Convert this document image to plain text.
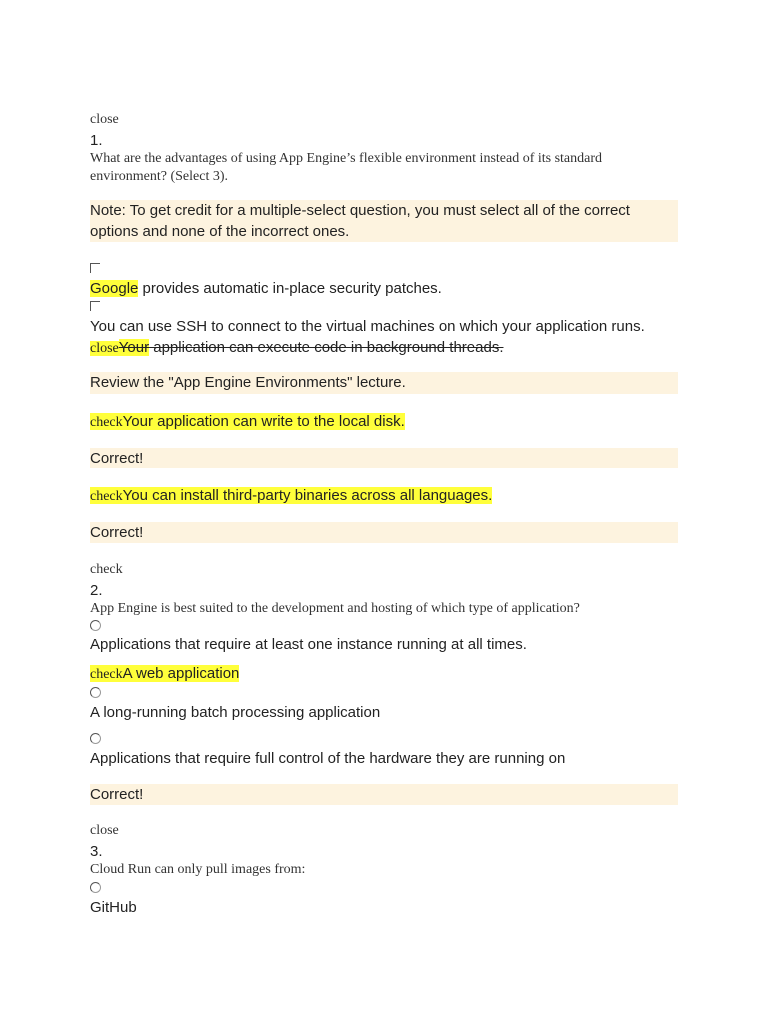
close
1.
What are the advantages of using App Engine’s flexible environment instead of its standard environment? (Select 3).
Note: To get credit for a multiple-select question, you must select all of the correct options and none of the incorrect ones.
Google provides automatic in-place security patches.
You can use SSH to connect to the virtual machines on which your application runs.
closeYour application can execute code in background threads.
Review the "App Engine Environments" lecture.
checkYour application can write to the local disk.
Correct!
checkYou can install third-party binaries across all languages.
Correct!
check
2.
App Engine is best suited to the development and hosting of which type of application?
Applications that require at least one instance running at all times.
checkA web application
A long-running batch processing application
Applications that require full control of the hardware they are running on
Correct!
close
3.
Cloud Run can only pull images from:
GitHub
